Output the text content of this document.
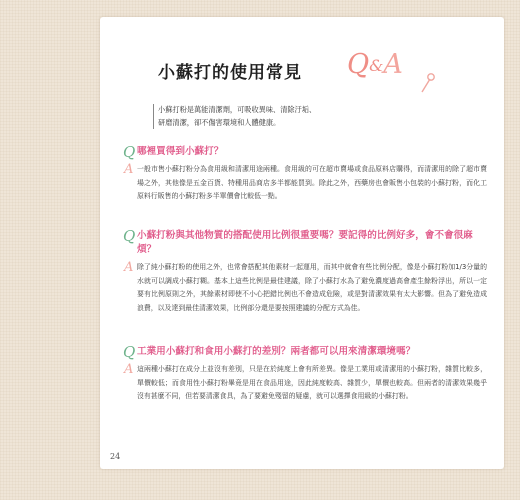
小蘇打的使用常見 Q&A
小蘇打粉是萬能清潔劑，可吸收異味、清除汙垢、研磨清潔，卻不傷害環境和人體健康。
Q 哪裡買得到小蘇打？
A 一般市售小蘇打粉分為食用級和清潔用途兩種。食用級的可在超市賣場或食品原料店購得，而清潔用的除了超市賣場之外，其他像是五金百貨、特種用品商店多半都能買到。除此之外，西藥房也會販售小包裝的小蘇打粉，而化工原料行販售的小蘇打粉多半單價會比較低一點。
Q 小蘇打粉與其他物質的搭配使用比例很重要嗎？要記得的比例好多，會不會很麻煩？
A 除了純小蘇打粉的使用之外，也常會搭配其他素材一起運用，而其中就會有些比例分配，像是小蘇打粉加1/3分量的水就可以調成小蘇打糊。基本上這些比例是最佳建議，除了小蘇打水為了避免濃度過高會產生餘粉浮出，所以一定要有比例原則之外，其餘素材即使不小心把錯比例也不會造成危險，或是對清潔效果有太大影響。但為了避免造成浪費，以及達到最佳清潔效果，比例部分還是要按照建議的分配方式為佳。
Q 工業用小蘇打和食用小蘇打的差別？兩者都可以用來清潔環境嗎？
A 這兩種小蘇打在成分上並沒有差別，只是在於純度上會有所差異。像是工業用或清潔用的小蘇打粉，雜質比較多，單價較低；而食用性小蘇打粉畢竟是用在食品用途，因此純度較高、雜質少，單價也較高。但兩者的清潔效果幾乎沒有甚麼不同，但若要清潔食具，為了要避免殘留的疑慮，就可以選擇食用級的小蘇打粉。
24
